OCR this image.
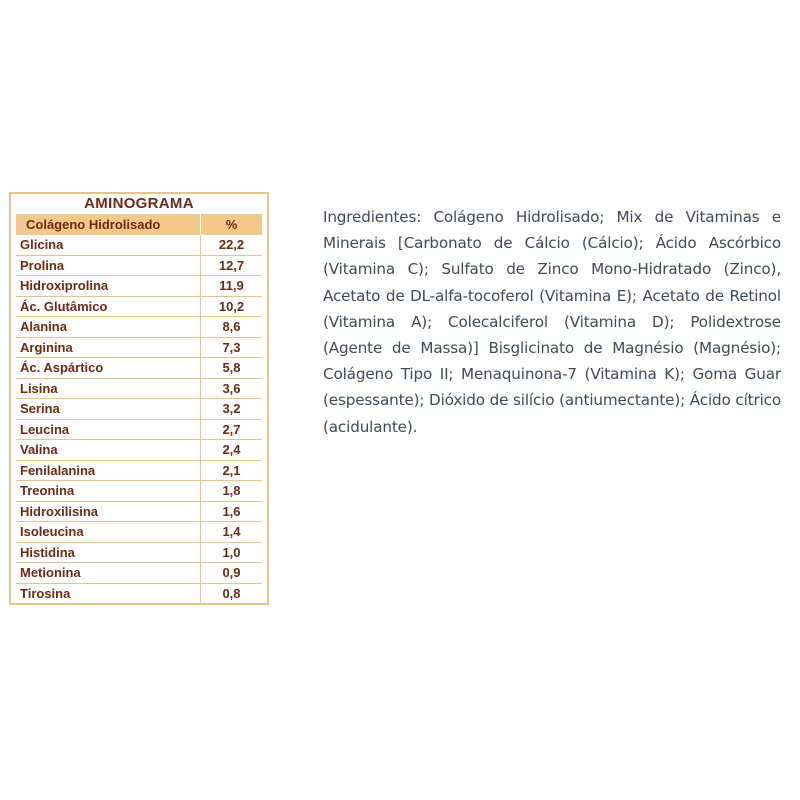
AMINOGRAMA
Colágeno Hidrolisado	%
Glicina	22,2
Prolina	12,7
Hidroxiprolina	11,9
Ác. Glutâmico	10,2
Alanina	8,6
Arginina	7,3
Ác. Aspártico	5,8
Lisina	3,6
Serina	3,2
Leucina	2,7
Valina	2,4
Fenilalanina	2,1
Treonina	1,8
Hidroxilisina	1,6
Isoleucina	1,4
Histidina	1,0
Metionina	0,9
Tirosina	0,8
Ingredientes: Colágeno Hidrolisado; Mix de Vitaminas e Minerais [Carbonato de Cálcio (Cálcio); Ácido Ascórbico (Vitamina C); Sulfato de Zinco Mono-Hidratado (Zinco), Acetato de DL-alfa-tocoferol (Vitamina E); Acetato de Retinol (Vitamina A); Colecalciferol (Vitamina D); Polidextrose (Agente de Massa)] Bisglicinato de Magnésio (Magnésio); Colágeno Tipo II; Menaquinona-7 (Vitamina K); Goma Guar (espessante); Dióxido de silício (antiumectante); Ácido cítrico (acidulante).
